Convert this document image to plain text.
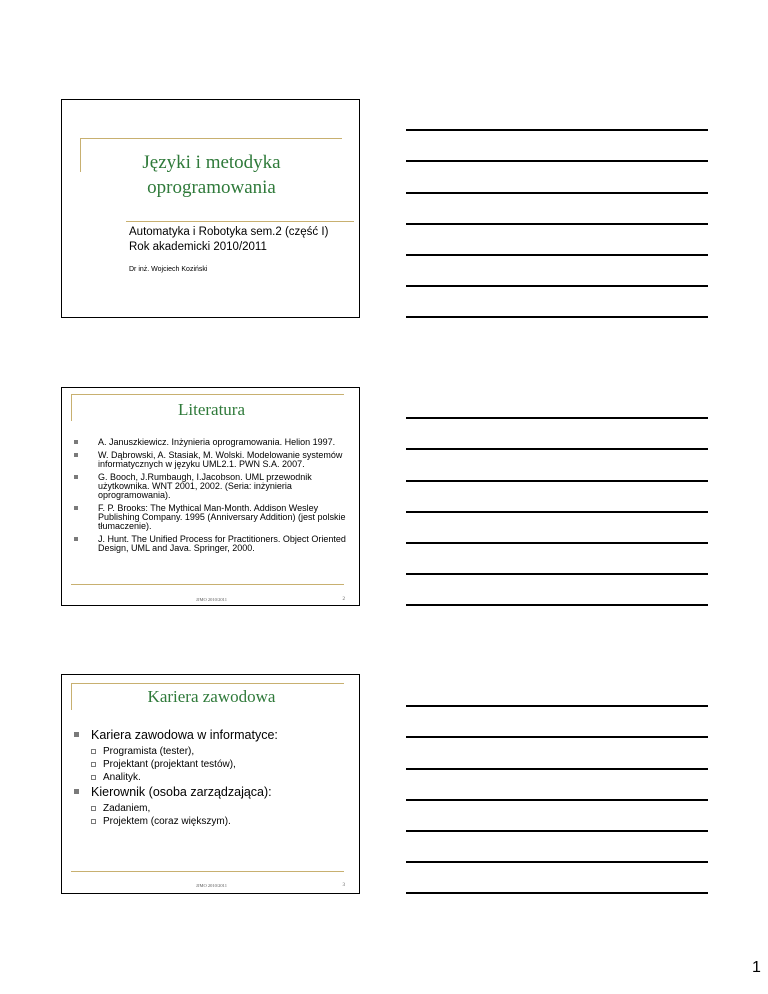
Języki i metodyka
oprogramowania
Automatyka i Robotyka sem.2 (część I)
Rok akademicki 2010/2011
Dr inż. Wojciech Koziński
Literatura
A. Januszkiewicz. Inżynieria oprogramowania. Helion 1997.
W. Dąbrowski, A. Stasiak, M. Wolski. Modelowanie systemów informatycznych w języku UML2.1. PWN S.A. 2007.
G. Booch, J.Rumbaugh, I.Jacobson. UML przewodnik użytkownika. WNT 2001, 2002. (Seria: inżynieria oprogramowania).
F. P. Brooks: The Mythical Man-Month. Addison Wesley Publishing Company. 1995 (Anniversary Addition) (jest polskie tłumaczenie).
J. Hunt. The Unified Process for Practitioners. Object Oriented Design, UML and Java. Springer, 2000.
JJMO 2010/2011	2
Kariera zawodowa
Kariera zawodowa w informatyce:
Programista (tester),
Projektant (projektant testów),
Analityk.
Kierownik (osoba zarządzająca):
Zadaniem,
Projektem (coraz większym).
JJMO 2010/2011	3
1
